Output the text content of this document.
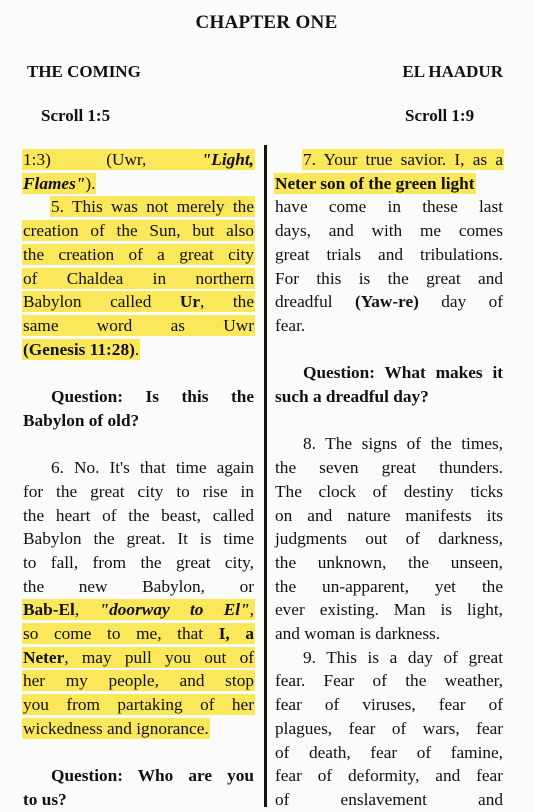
CHAPTER ONE
THE COMING	EL HAADUR
Scroll 1:5	Scroll 1:9

1:3)	(Uwr,	"Light,

Flames").

5. This was not merely the

creation of the Sun, but also

the creation of a great city

of Chaldea in northern

Babylon called Ur, the

same word as Uwr

(Genesis 11:28).

Question: Is this the

Babylon of old?

6. No. It's that time again

for the great city to rise in

the heart of the beast, called

Babylon the great. It is time

to fall, from the great city,

the new Babylon, or

Bab-El, "doorway to El",

so come to me, that I, a

Neter, may pull you out of

her my people, and stop

you from partaking of her

wickedness and ignorance.

Question: Who are you

to us?

7. Your true savior. I, as a

Neter son of the green light

have come in these last

days, and with me comes

great trials and tribulations.

For this is the great and

dreadful (Yaw-re) day of

fear.

Question: What makes it

such a dreadful day?

8. The signs of the times,

the seven great thunders.

The clock of destiny ticks

on and nature manifests its

judgments out of darkness,

the unknown, the unseen,

the un-apparent, yet the

ever existing. Man is light,

and woman is darkness.

9. This is a day of great

fear. Fear of the weather,

fear of viruses, fear of

plagues, fear of wars, fear

of death, fear of famine,

fear of deformity, and fear

of enslavement and
